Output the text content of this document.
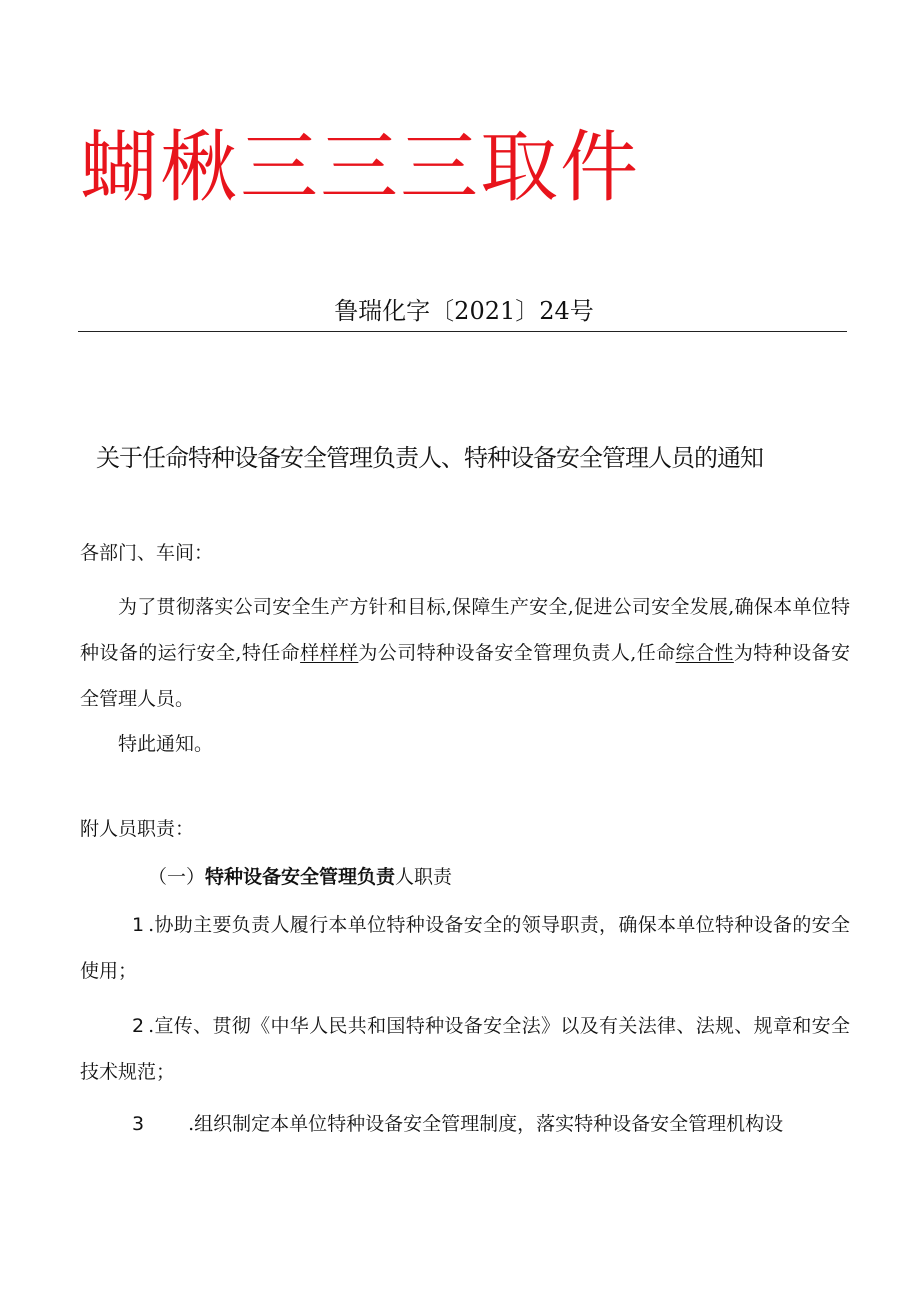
蝴楸三三三取件
鲁瑞化字〔2021〕24号
关于任命特种设备安全管理负责人、特种设备安全管理人员的通知
各部门、车间：
为了贯彻落实公司安全生产方针和目标,保障生产安全,促进公司安全发展,确保本单位特种设备的运行安全,特任命样样样为公司特种设备安全管理负责人,任命综合性为特种设备安全管理人员。
特此通知。
附人员职责：
（一）特种设备安全管理负责人职责
1 .协助主要负责人履行本单位特种设备安全的领导职责，确保本单位特种设备的安全使用；
2 .宣传、贯彻《中华人民共和国特种设备安全法》以及有关法律、法规、规章和安全技术规范；
3 .组织制定本单位特种设备安全管理制度，落实特种设备安全管理机构设
